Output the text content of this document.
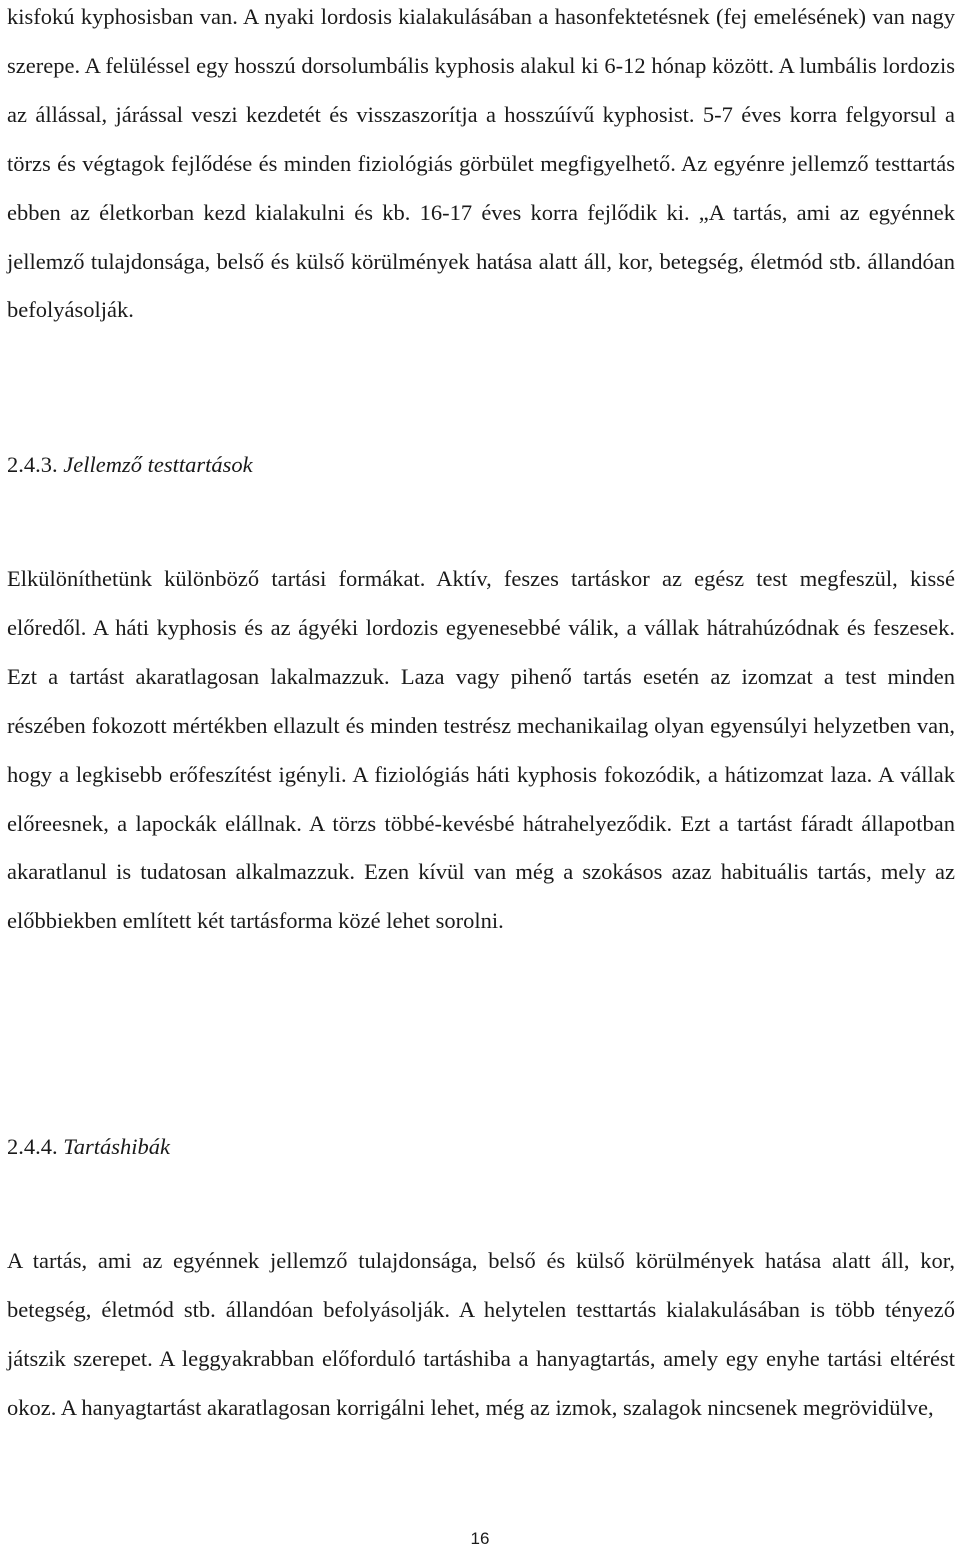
kisfokú kyphosisban van. A nyaki lordosis kialakulásában a hasonfektetésnek (fej emelésének) van nagy szerepe. A felüléssel egy hosszú dorsolumbális kyphosis alakul ki 6-12 hónap között. A lumbális lordozis az állással, járással veszi kezdetét és visszaszorítja a hosszúívű kyphosist. 5-7 éves korra felgyorsul a törzs és végtagok fejlődése és minden fiziológiás görbület megfigyelhető. Az egyénre jellemző testtartás ebben az életkorban kezd kialakulni és kb. 16-17 éves korra fejlődik ki. „A tartás, ami az egyénnek jellemző tulajdonsága, belső és külső körülmények hatása alatt áll, kor, betegség, életmód stb. állandóan befolyásolják.

2.4.3. Jellemző testtartások

Elkülöníthetünk különböző tartási formákat. Aktív, feszes tartáskor az egész test megfeszül, kissé előredől. A háti kyphosis és az ágyéki lordozis egyenesebbé válik, a vállak hátrahúzódnak és feszesek. Ezt a tartást akaratlagosan lakalmazzuk. Laza vagy pihenő tartás esetén az izomzat a test minden részében fokozott mértékben ellazult és minden testrész mechanikailag olyan egyensúlyi helyzetben van, hogy a legkisebb erőfeszítést igényli. A fiziológiás háti kyphosis fokozódik, a hátizomzat laza. A vállak előreesnek, a lapockák elállnak. A törzs többé-kevésbé hátrahelyeződik. Ezt a tartást fáradt állapotban akaratlanul is tudatosan alkalmazzuk. Ezen kívül van még a szokásos azaz habituális tartás, mely az előbbiekben említett két tartásforma közé lehet sorolni.

2.4.4. Tartáshibák

A tartás, ami az egyénnek jellemző tulajdonsága, belső és külső körülmények hatása alatt áll, kor, betegség, életmód stb. állandóan befolyásolják. A helytelen testtartás kialakulásában is több tényező játszik szerepet. A leggyakrabban előforduló tartáshiba a hanyagtartás, amely egy enyhe tartási eltérést okoz. A hanyagtartást akaratlagosan korrigálni lehet, még az izmok, szalagok nincsenek megrövidülve,

16
